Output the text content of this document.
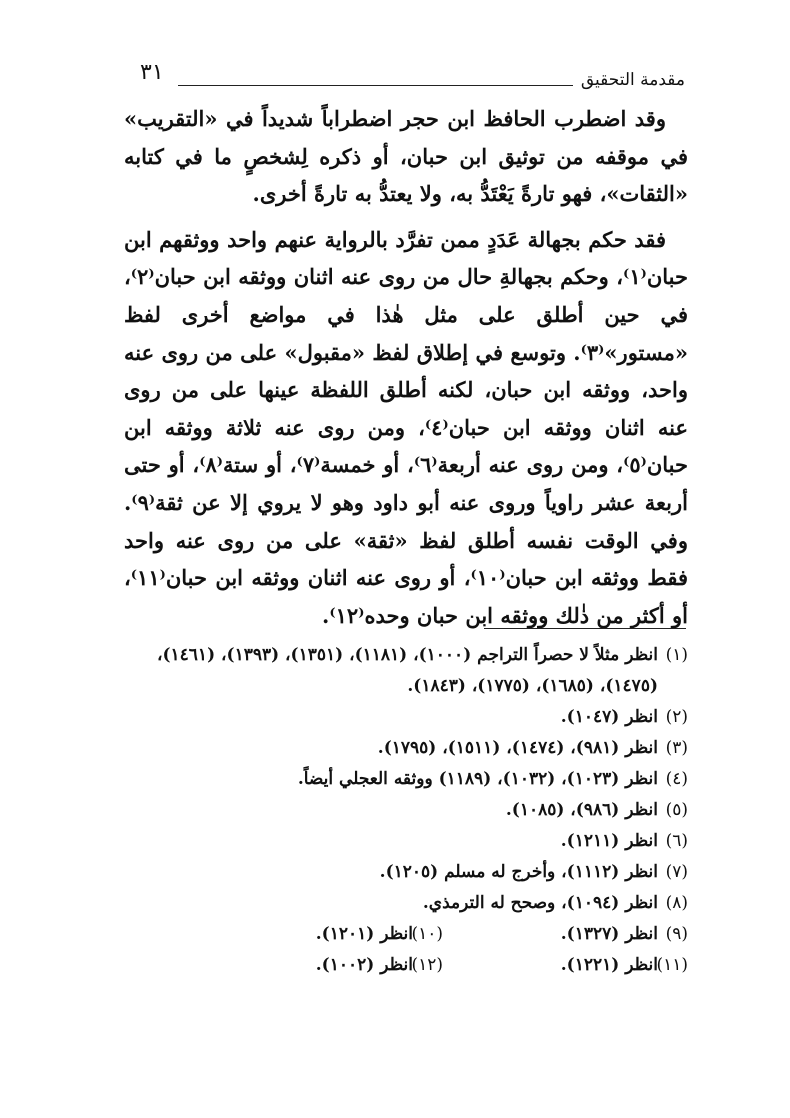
مقدمة التحقيق
٣١

وقد اضطرب الحافظ ابن حجر اضطراباً شديداً في «التقريب» في موقفه من توثيق ابن حبان، أو ذكره لِشخصٍ ما في كتابه «الثقات»، فهو تارةً يَعْتَدُّ به، ولا يعتدُّ به تارةً أخرى.

فقد حكم بجهالة عَدَدٍ ممن تفرَّد بالرواية عنهم واحد ووثقهم ابن حبان⁽١⁾، وحكم بجهالةِ حال من روى عنه اثنان ووثقه ابن حبان⁽٢⁾، في حين أطلق على مثل هٰذا في مواضع أخرى لفظ «مستور»⁽٣⁾. وتوسع في إطلاق لفظ «مقبول» على من روى عنه واحد، ووثقه ابن حبان، لكنه أطلق اللفظة عينها على من روى عنه اثنان ووثقه ابن حبان⁽٤⁾، ومن روى عنه ثلاثة ووثقه ابن حبان⁽٥⁾، ومن روى عنه أربعة⁽٦⁾، أو خمسة⁽٧⁾، أو ستة⁽٨⁾، أو حتى أربعة عشر راوياً وروى عنه أبو داود وهو لا يروي إلا عن ثقة⁽٩⁾. وفي الوقت نفسه أطلق لفظ «ثقة» على من روى عنه واحد فقط ووثقه ابن حبان⁽١٠⁾، أو روى عنه اثنان ووثقه ابن حبان⁽١١⁾، أو أكثر من ذٰلك ووثقه ابن حبان وحده⁽١٢⁾.

(١)
انظر مثلاً لا حصراً التراجم (١٠٠٠)، (١١٨١)، (١٣٥١)، (١٣٩٣)، (١٤٦١)، (١٤٧٥)، (١٦٨٥)، (١٧٧٥)، (١٨٤٣).
(٢)
انظر (١٠٤٧).
(٣)
انظر (٩٨١)، (١٤٧٤)، (١٥١١)، (١٧٩٥).
(٤)
انظر (١٠٢٣)، (١٠٣٢)، (١١٨٩) ووثقه العجلي أيضاً.
(٥)
انظر (٩٨٦)، (١٠٨٥).
(٦)
انظر (١٢١١).
(٧)
انظر (١١١٢)، وأخرج له مسلم (١٢٠٥).
(٨)
انظر (١٠٩٤)، وصحح له الترمذي.
(٩)
انظر (١٣٢٧).
(١٠)
انظر (١٢٠١).
(١١)
انظر (١٢٢١).
(١٢)
انظر (١٠٠٢).
